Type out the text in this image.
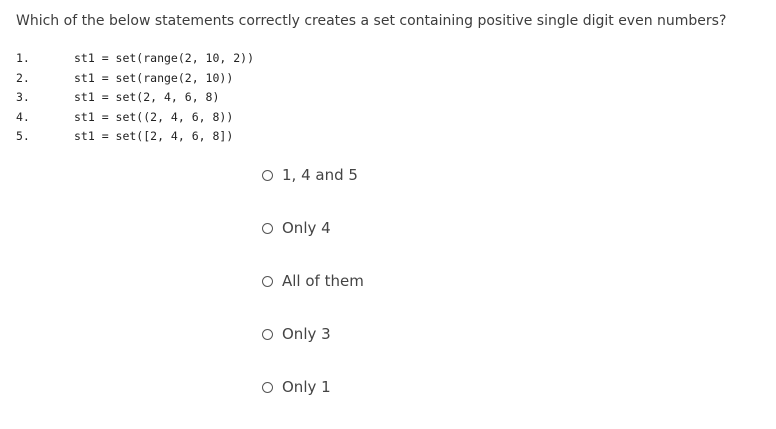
Which of the below statements correctly creates a set containing positive single digit even numbers?
1.	st1 = set(range(2, 10, 2))
2.	st1 = set(range(2, 10))
3.	st1 = set(2, 4, 6, 8)
4.	st1 = set((2, 4, 6, 8))
5.	st1 = set([2, 4, 6, 8])
1, 4 and 5
Only 4
All of them
Only 3
Only 1
